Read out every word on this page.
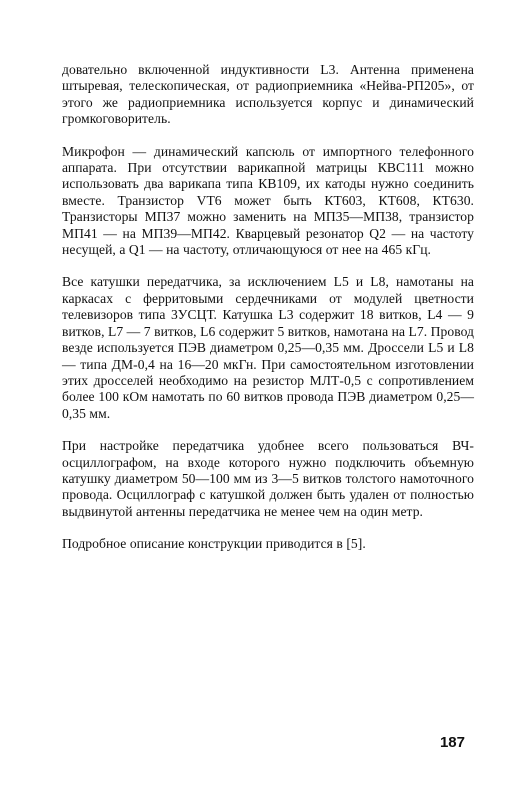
довательно включенной индуктивности L3. Антенна применена штыревая, телескопическая, от радиоприемника «Нейва-РП205», от этого же радиоприемника используется корпус и динамический громкоговоритель.

Микрофон — динамический капсюль от импортного телефонного аппарата. При отсутствии варикапной матрицы КВС111 можно использовать два варикапа типа КВ109, их катоды нужно соединить вместе. Транзистор VT6 может быть КТ603, КТ608, КТ630. Транзисторы МП37 можно заменить на МП35—МП38, транзистор МП41 — на МП39—МП42. Кварцевый резонатор Q2 — на частоту несущей, а Q1 — на частоту, отличающуюся от нее на 465 кГц.

Все катушки передатчика, за исключением L5 и L8, намотаны на каркасах с ферритовыми сердечниками от модулей цветности телевизоров типа 3УСЦТ. Катушка L3 содержит 18 витков, L4 — 9 витков, L7 — 7 витков, L6 содержит 5 витков, намотана на L7. Провод везде используется ПЭВ диаметром 0,25—0,35 мм. Дроссели L5 и L8 — типа ДМ-0,4 на 16—20 мкГн. При самостоятельном изготовлении этих дросселей необходимо на резистор МЛТ-0,5 с сопротивлением более 100 кОм намотать по 60 витков провода ПЭВ диаметром 0,25—0,35 мм.

При настройке передатчика удобнее всего пользоваться ВЧ-осциллографом, на входе которого нужно подключить объемную катушку диаметром 50—100 мм из 3—5 витков толстого намоточного провода. Осциллограф с катушкой должен быть удален от полностью выдвинутой антенны передатчика не менее чем на один метр.

Подробное описание конструкции приводится в [5].

187
